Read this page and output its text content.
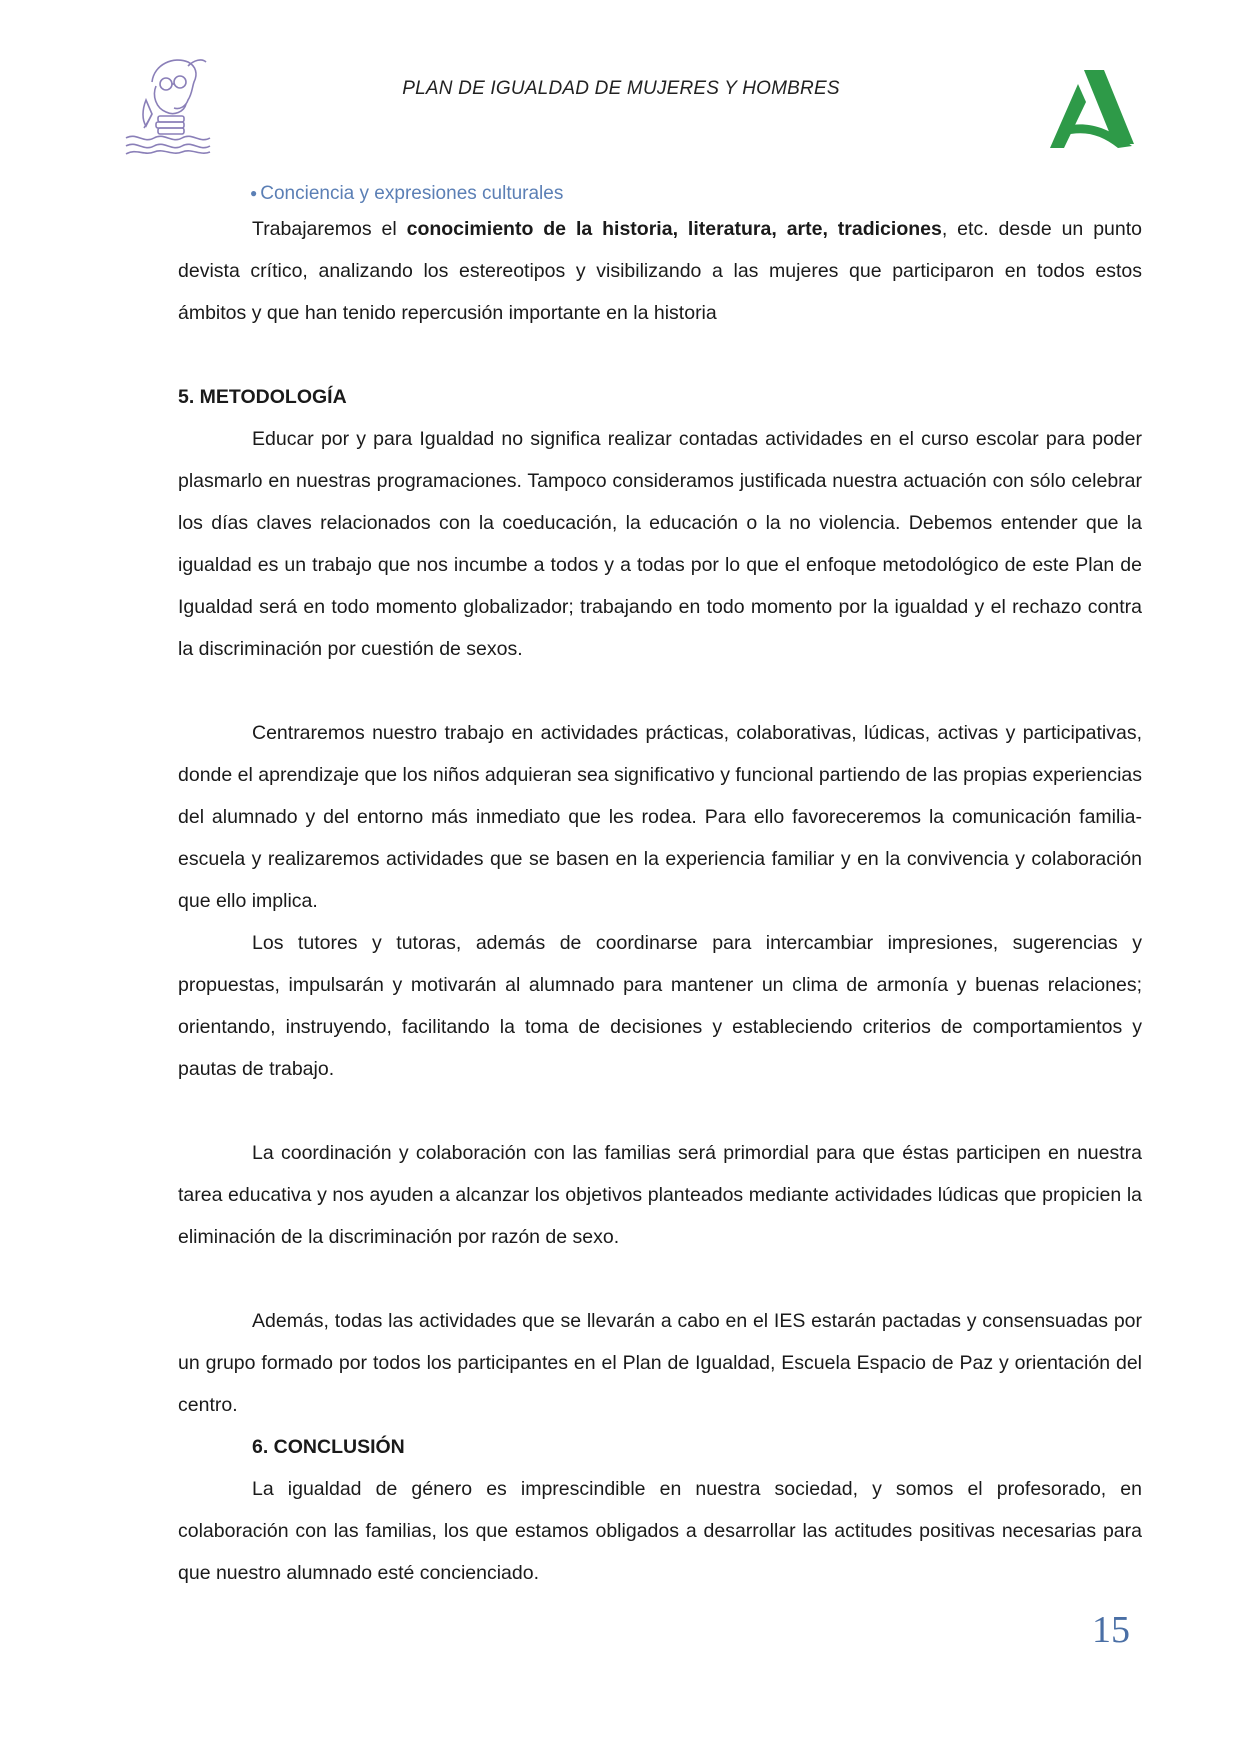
PLAN DE IGUALDAD DE MUJERES Y HOMBRES
● Conciencia y expresiones culturales

Trabajaremos el conocimiento de la historia, literatura, arte, tradiciones, etc. desde un punto devista crítico, analizando los estereotipos y visibilizando a las mujeres que participaron en todos estos ámbitos y que han tenido repercusión importante en la historia

5. METODOLOGÍA

Educar por y para Igualdad no significa realizar contadas actividades en el curso escolar para poder plasmarlo en nuestras programaciones. Tampoco consideramos justificada nuestra actuación con sólo celebrar los días claves relacionados con la coeducación, la educación o la no violencia. Debemos entender que la igualdad es un trabajo que nos incumbe a todos y a todas por lo que el enfoque metodológico de este Plan de Igualdad será en todo momento globalizador; trabajando en todo momento por la igualdad y el rechazo contra la discriminación por cuestión de sexos.

Centraremos nuestro trabajo en actividades prácticas, colaborativas, lúdicas, activas y participativas, donde el aprendizaje que los niños adquieran sea significativo y funcional partiendo de las propias experiencias del alumnado y del entorno más inmediato que les rodea. Para ello favoreceremos la comunicación familia-escuela y realizaremos actividades que se basen en la experiencia familiar y en la convivencia y colaboración que ello implica.

Los tutores y tutoras, además de coordinarse para intercambiar impresiones, sugerencias y propuestas, impulsarán y motivarán al alumnado para mantener un clima de armonía y buenas relaciones; orientando, instruyendo, facilitando la toma de decisiones y estableciendo criterios de comportamientos y pautas de trabajo.

La coordinación y colaboración con las familias será primordial para que éstas participen en nuestra tarea educativa y nos ayuden a alcanzar los objetivos planteados mediante actividades lúdicas que propicien la eliminación de la discriminación por razón de sexo.

Además, todas las actividades que se llevarán a cabo en el IES estarán pactadas y consensuadas por un grupo formado por todos los participantes en el Plan de Igualdad, Escuela Espacio de Paz y orientación del centro.

6. CONCLUSIÓN

La igualdad de género es imprescindible en nuestra sociedad, y somos el profesorado, en colaboración con las familias, los que estamos obligados a desarrollar las actitudes positivas necesarias para que nuestro alumnado esté concienciado.

15
